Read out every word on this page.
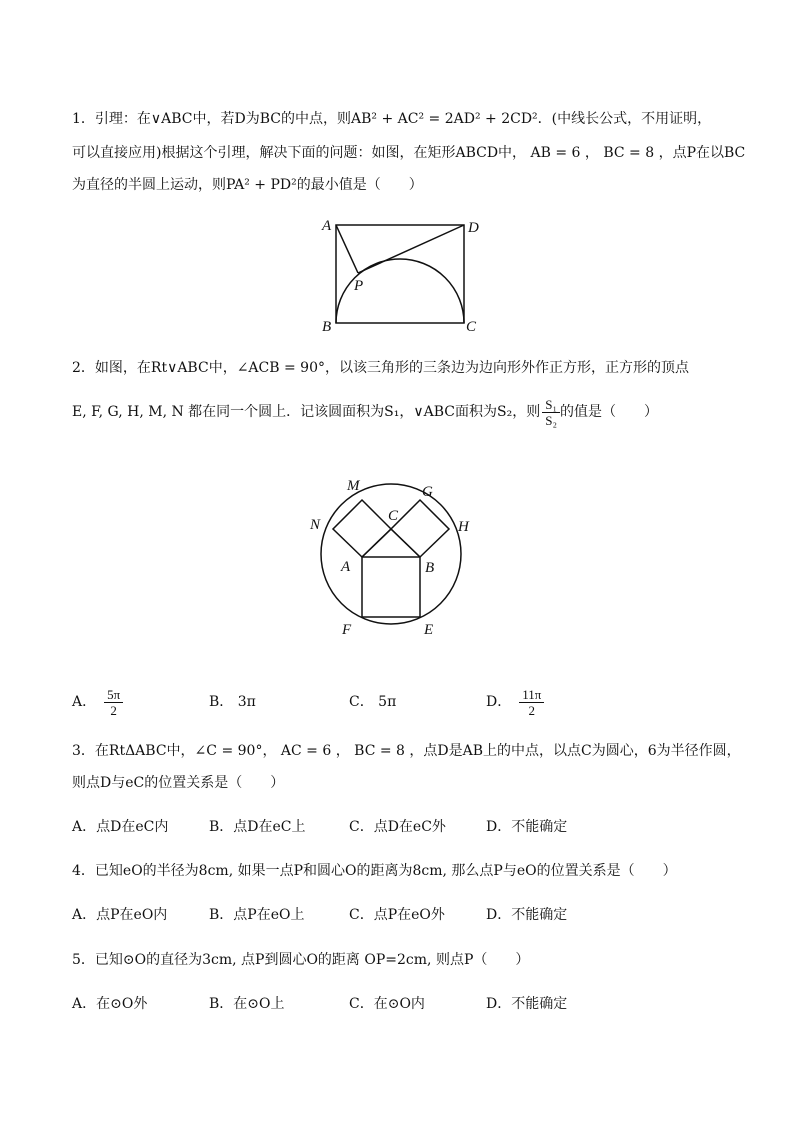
1．引理：在∨ABC中，若D为BC的中点，则AB² + AC² = 2AD² + 2CD²．(中线长公式，不用证明，
可以直接应用)根据这个引理，解决下面的问题：如图，在矩形ABCD中， AB = 6 ， BC = 8 ，点P在以BC
为直径的半圆上运动，则PA² + PD²的最小值是（　　）
A	D
P
B	C
2．如图，在Rt∨ABC中，∠ACB = 90°，以该三角形的三条边为边向形外作正方形，正方形的顶点
E, F, G, H, M, N 都在同一个圆上．记该圆面积为S₁，∨ABC面积为S₂，则 $\frac{\text{S₁}}{\text{S₂}}$ 的值是（　　）
M	G
N
C
H
A	B
F	E
A． $\frac{5\pi}{2}$	B． 3π	C． 5π	D． $\frac{11\pi}{2}$
3．在RtΔABC中，∠C = 90°， AC = 6 ， BC = 8 ，点D是AB上的中点，以点C为圆心，6为半径作圆，
则点D与eC的位置关系是（　　）
A．点D在eC内	B．点D在eC上	C．点D在eC外	D．不能确定
4．已知eO的半径为8cm, 如果一点P和圆心O的距离为8cm, 那么点P与eO的位置关系是（　　）
A．点P在eO内	B．点P在eO上	C．点P在eO外	D．不能确定
5．已知⊙O的直径为3cm, 点P到圆心O的距离 OP=2cm, 则点P（　　）
A．在⊙O外	B．在⊙O上	C．在⊙O内	D．不能确定
